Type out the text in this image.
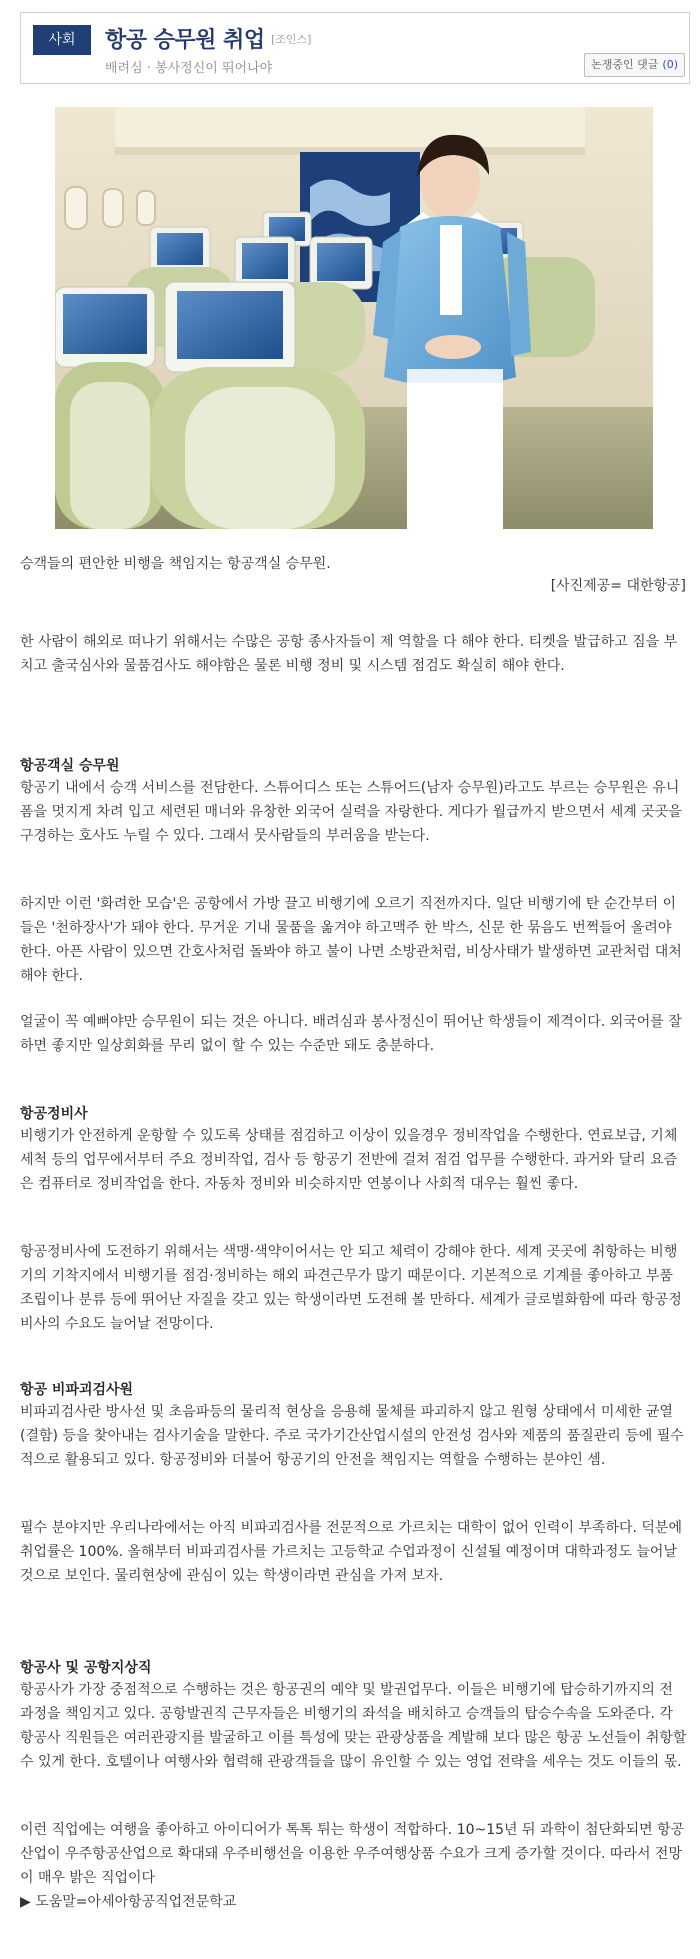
사회	항공 승무원 취업 [조인스]
배려심 · 봉사정신이 뛰어나야	논쟁중인 댓글 (0)
승객들의 편안한 비행을 책임지는 항공객실 승무원.
[사진제공= 대한항공]

한 사람이 해외로 떠나기 위해서는 수많은 공항 종사자들이 제 역할을 다 해야 한다. 티켓을 발급하고 짐을 부치고 출국심사와 물품검사도 해야함은 물론 비행 정비 및 시스템 점검도 확실히 해야 한다.

항공객실 승무원

항공기 내에서 승객 서비스를 전담한다. 스튜어디스 또는 스튜어드(남자 승무원)라고도 부르는 승무원은 유니폼을 멋지게 차려 입고 세련된 매너와 유창한 외국어 실력을 자랑한다. 게다가 월급까지 받으면서 세계 곳곳을 구경하는 호사도 누릴 수 있다. 그래서 뭇사람들의 부러움을 받는다.

하지만 이런 '화려한 모습'은 공항에서 가방 끌고 비행기에 오르기 직전까지다. 일단 비행기에 탄 순간부터 이들은 '천하장사'가 돼야 한다. 무거운 기내 물품을 옮겨야 하고맥주 한 박스, 신문 한 묶음도 번쩍들어 올려야 한다. 아픈 사람이 있으면 간호사처럼 돌봐야 하고 불이 나면 소방관처럼, 비상사태가 발생하면 교관처럼 대처해야 한다.

얼굴이 꼭 예뻐야만 승무원이 되는 것은 아니다. 배려심과 봉사정신이 뛰어난 학생들이 제격이다. 외국어를 잘하면 좋지만 일상회화를 무리 없이 할 수 있는 수준만 돼도 충분하다.

항공정비사

비행기가 안전하게 운항할 수 있도록 상태를 점검하고 이상이 있을경우 정비작업을 수행한다. 연료보급, 기체 세척 등의 업무에서부터 주요 정비작업, 검사 등 항공기 전반에 걸쳐 점검 업무를 수행한다. 과거와 달리 요즘은 컴퓨터로 정비작업을 한다. 자동차 정비와 비슷하지만 연봉이나 사회적 대우는 훨씬 좋다.

항공정비사에 도전하기 위해서는 색맹·색약이어서는 안 되고 체력이 강해야 한다. 세계 곳곳에 취항하는 비행기의 기착지에서 비행기를 점검·정비하는 해외 파견근무가 많기 때문이다. 기본적으로 기계를 좋아하고 부품 조립이나 분류 등에 뛰어난 자질을 갖고 있는 학생이라면 도전해 볼 만하다. 세계가 글로벌화함에 따라 항공정비사의 수요도 늘어날 전망이다.

항공 비파괴검사원

비파괴검사란 방사선 및 초음파등의 물리적 현상을 응용해 물체를 파괴하지 않고 원형 상태에서 미세한 균열(결함) 등을 찾아내는 검사기술을 말한다. 주로 국가기간산업시설의 안전성 검사와 제품의 품질관리 등에 필수적으로 활용되고 있다. 항공정비와 더불어 항공기의 안전을 책임지는 역할을 수행하는 분야인 셈.

필수 분야지만 우리나라에서는 아직 비파괴검사를 전문적으로 가르치는 대학이 없어 인력이 부족하다. 덕분에 취업률은 100%. 올해부터 비파괴검사를 가르치는 고등학교 수업과정이 신설될 예정이며 대학과정도 늘어날 것으로 보인다. 물리현상에 관심이 있는 학생이라면 관심을 가져 보자.

항공사 및 공항지상직

항공사가 가장 중점적으로 수행하는 것은 항공권의 예약 및 발권업무다. 이들은 비행기에 탑승하기까지의 전 과정을 책임지고 있다. 공항발권직 근무자들은 비행기의 좌석을 배치하고 승객들의 탑승수속을 도와준다. 각 항공사 직원들은 여러관광지를 발굴하고 이를 특성에 맞는 관광상품을 계발해 보다 많은 항공 노선들이 취항할 수 있게 한다. 호텔이나 여행사와 협력해 관광객들을 많이 유인할 수 있는 영업 전략을 세우는 것도 이들의 몫.

이런 직업에는 여행을 좋아하고 아이디어가 톡톡 튀는 학생이 적합하다. 10~15년 뒤 과학이 첨단화되면 항공산업이 우주항공산업으로 확대돼 우주비행선을 이용한 우주여행상품 수요가 크게 증가할 것이다. 따라서 전망이 매우 밝은 직업이다

▶ 도움말=아세아항공직업전문학교
